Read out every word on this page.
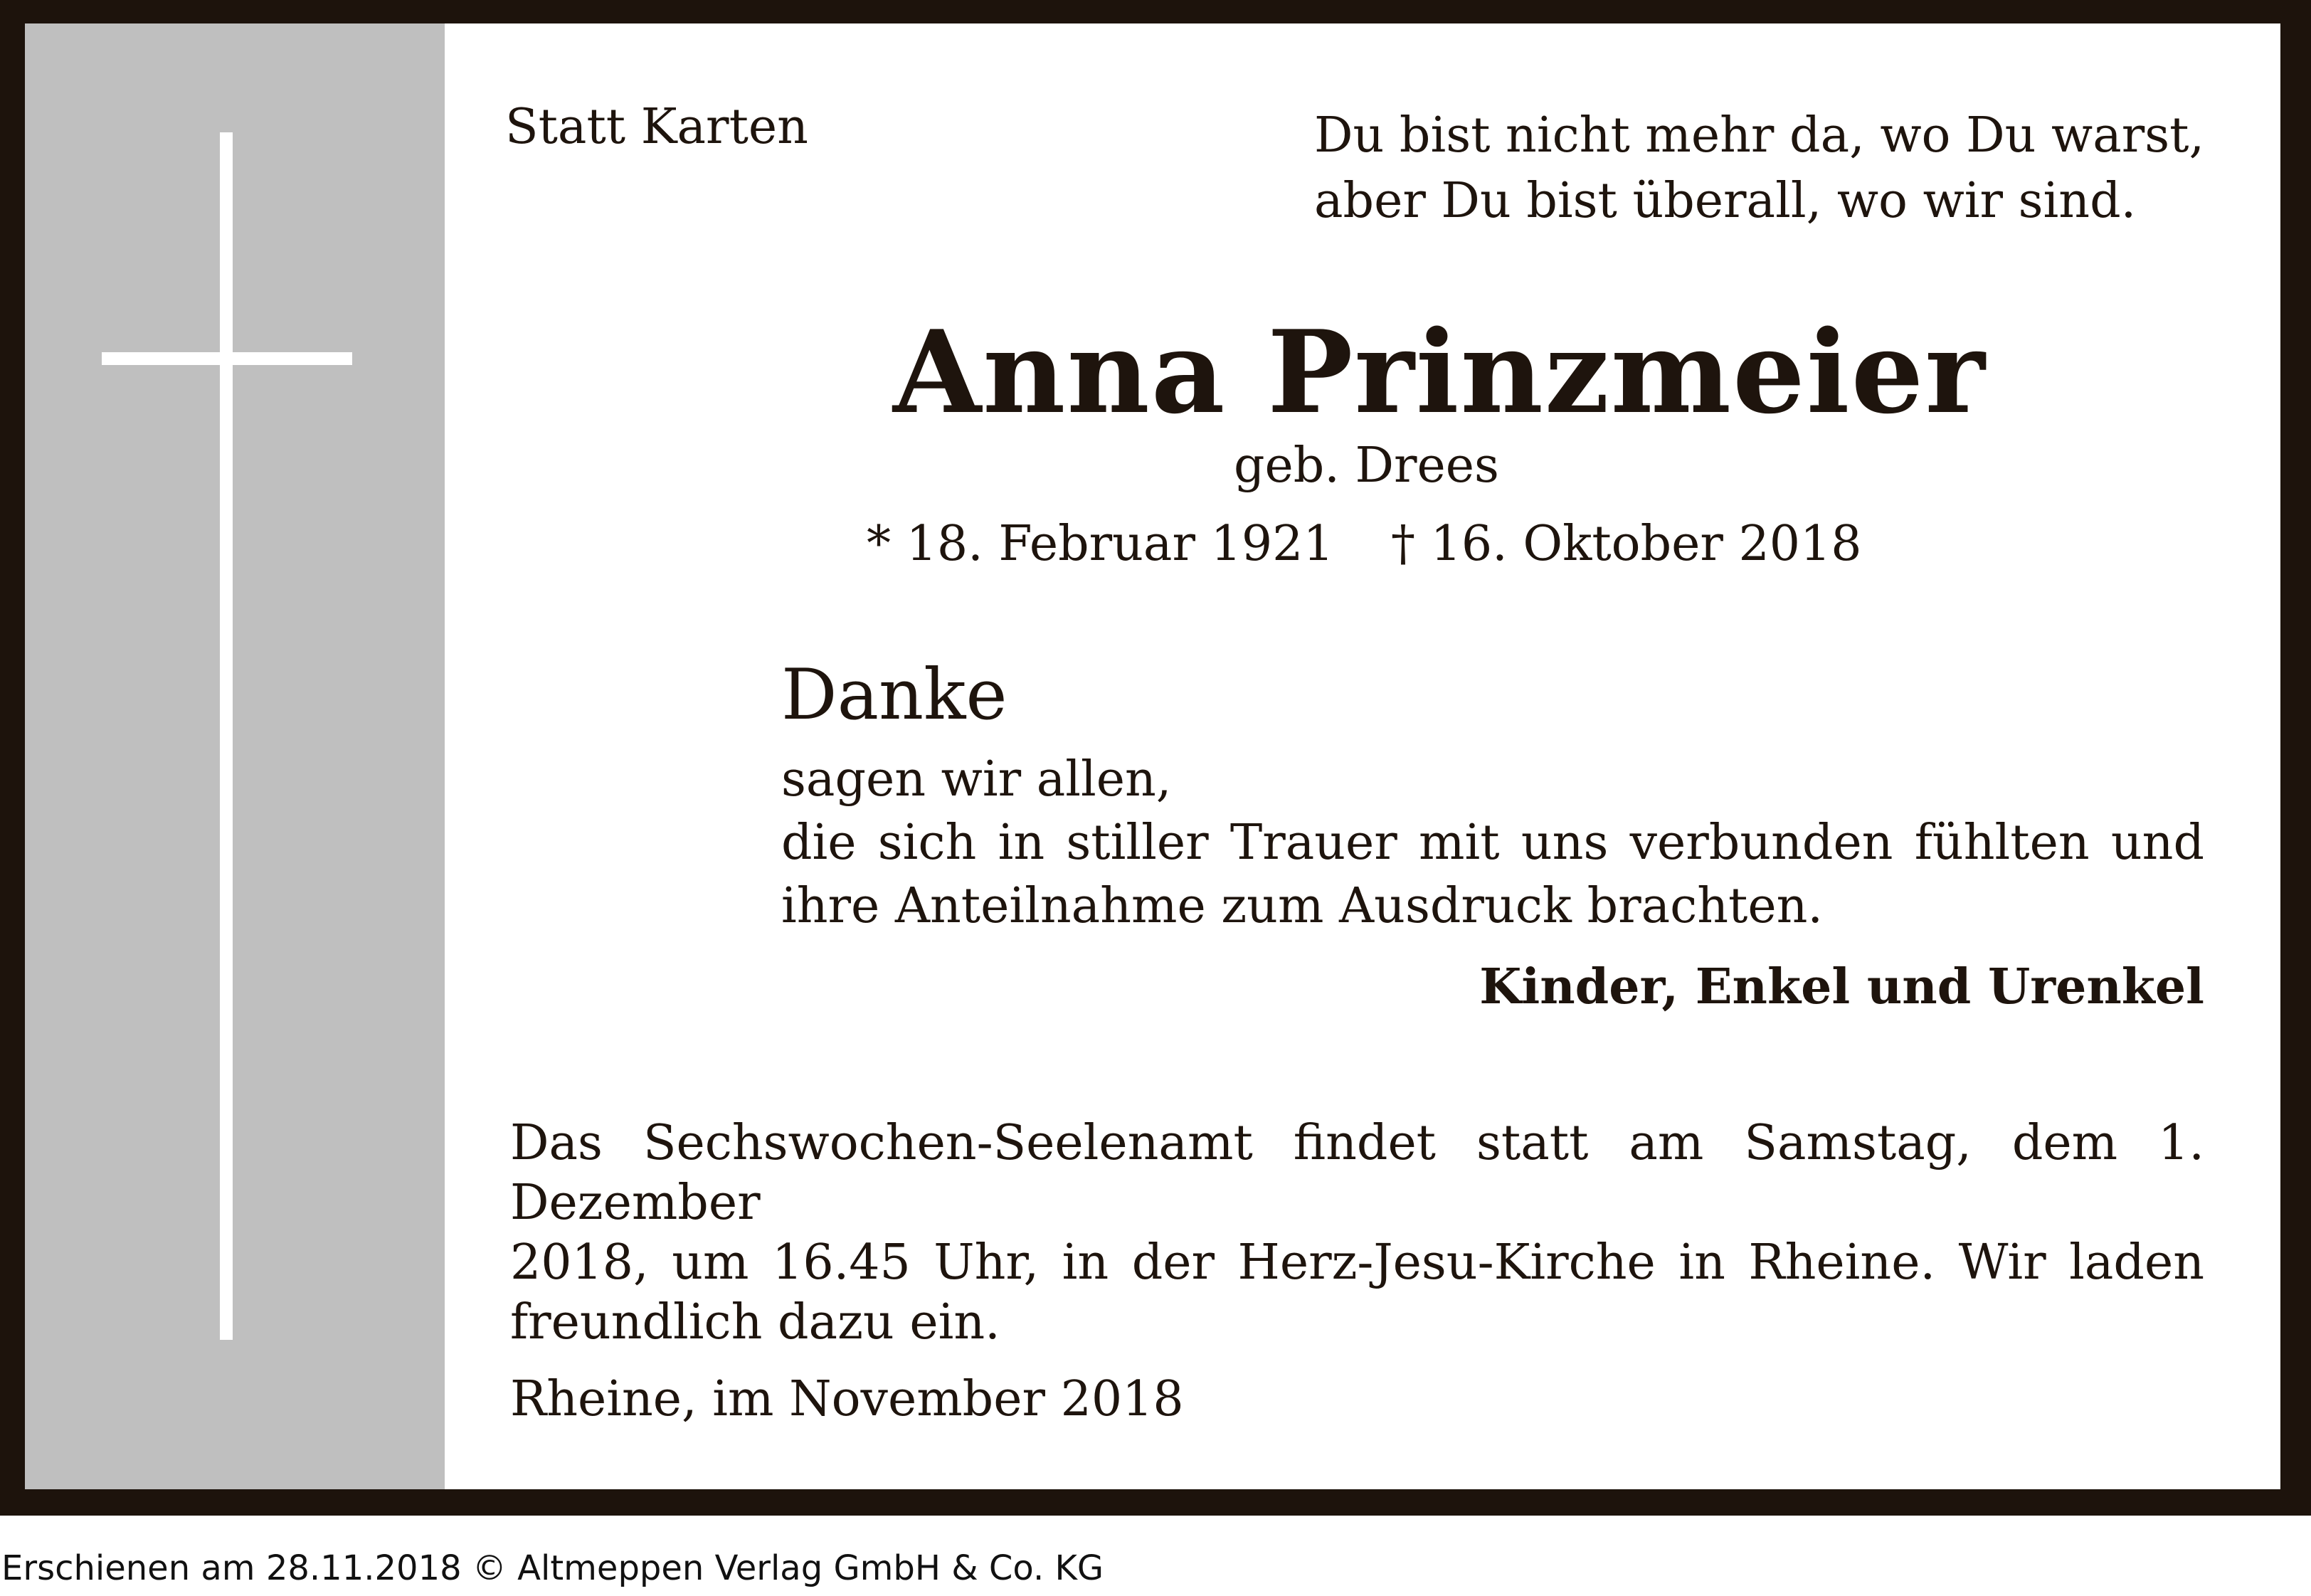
Statt Karten	Du bist nicht mehr da, wo Du warst,
aber Du bist überall, wo wir sind.
Anna Prinzmeier
geb. Drees
* 18. Februar 1921 † 16. Oktober 2018
Danke
sagen wir allen,
die sich in stiller Trauer mit uns verbunden fühlten und
ihre Anteilnahme zum Ausdruck brachten.
Kinder, Enkel und Urenkel
Das Sechswochen-Seelenamt findet statt am Samstag, dem 1. Dezember
2018, um 16.45 Uhr, in der Herz-Jesu-Kirche in Rheine. Wir laden
freundlich dazu ein.
Rheine, im November 2018
Erschienen am 28.11.2018 © Altmeppen Verlag GmbH & Co. KG
